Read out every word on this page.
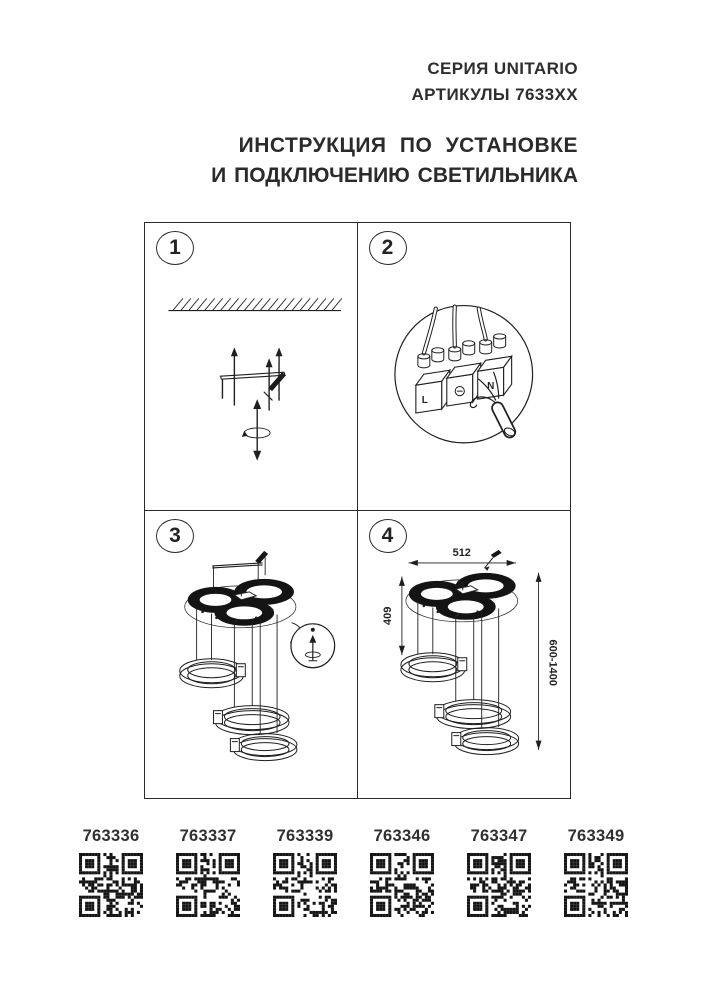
СЕРИЯ UNITARIO
АРТИКУЛЫ 7633XX
ИНСТРУКЦИЯ ПО УСТАНОВКЕ
И ПОДКЛЮЧЕНИЮ СВЕТИЛЬНИКА
1	2
L
N
3	4
512
409
600-1400
763336	763337	763339	763346	763347	763349
